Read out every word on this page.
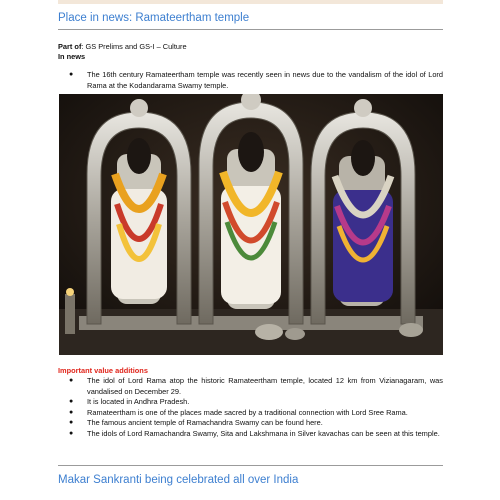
Place in news: Ramateertham temple
Part of: GS Prelims and GS-I – Culture
In news
●	The 16th century Ramateertham temple was recently seen in news due to the vandalism of the idol of Lord Rama at the Kodandarama Swamy temple.
Important value additions
●	The idol of Lord Rama atop the historic Ramateertham temple, located 12 km from Vizianagaram, was vandalised on December 29.
●	It is located in Andhra Pradesh.
●	Ramateertham is one of the places made sacred by a traditional connection with Lord Sree Rama.
●	The famous ancient temple of Ramachandra Swamy can be found here.
●	The idols of Lord Ramachandra Swamy, Sita and Lakshmana in Silver kavachas can be seen at this temple.
Makar Sankranti being celebrated all over India
